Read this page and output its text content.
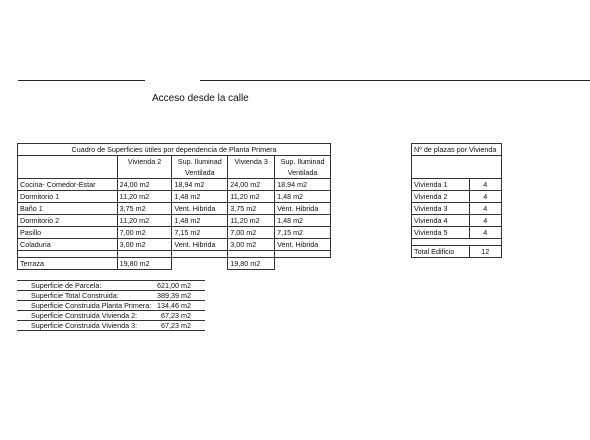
Acceso desde la calle
Cuadro de Superficies útiles por dependencia de Planta Primera				
	Vivienda 2	Sup. Iluminad	Vivienda 3	Sup. Iluminad
		Ventilada		Ventilada
Cocina- Comedor-Estar	24,00 m2	18,94 m2	24,00 m2	18,94 m2
Dormitorio 1	11,20 m2	1,48 m2	11,20 m2	1,48 m2
Baño 1	3,75 m2	Vent. Hibrida	3,75 m2	Vent. Hibrida
Dormitorio 2	11,20 m2	1,48 m2	11,20 m2	1,48 m2
Pasillo	7,00 m2	7,15 m2	7,00 m2	7,15 m2
Coladuria	3,00 m2	Vent. Hibrida	3,00 m2	Vent. Hibrida

Terraza	19,80 m2		19,80 m2	
Nº de plazas por Vivienda	

Vivienda 1	4
Vivienda 2	4
Vivienda 3	4
Vivienda 4	4
Vivienda 5	4

Total Edificio	12
Superficie de Parcela:	621,00 m2
Superficie Total Construida:	389,39 m2
Superficie Construida Planta Primera:	134,46 m2
Superficie Construida Vivienda 2:	67,23 m2
Superficie Construida Vivienda 3:	67,23 m2
